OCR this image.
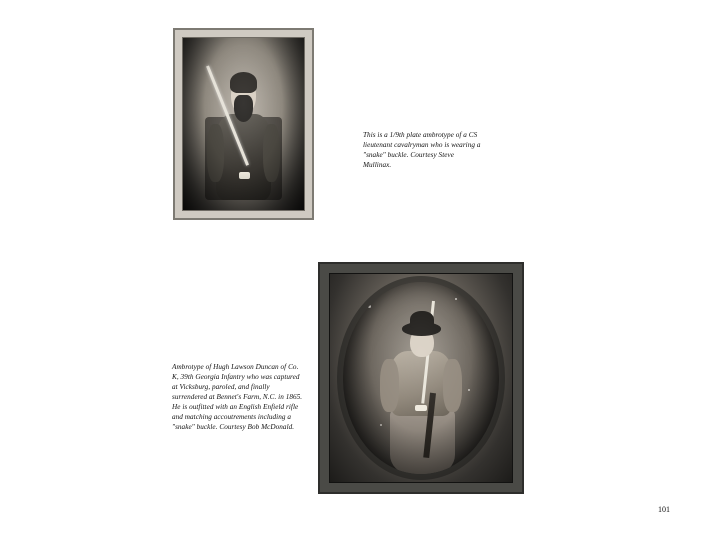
This is a 1/9th plate ambrotype of a CS lieutenant cavalryman who is wearing a "snake" buckle. Courtesy Steve Mullinax.
Ambrotype of Hugh Lawson Duncan of Co. K, 39th Georgia Infantry who was captured at Vicksburg, paroled, and finally surrendered at Bennet's Farm, N.C. in 1865. He is outfitted with an English Enfield rifle and matching accoutrements including a "snake" buckle. Courtesy Bob McDonald.
101
